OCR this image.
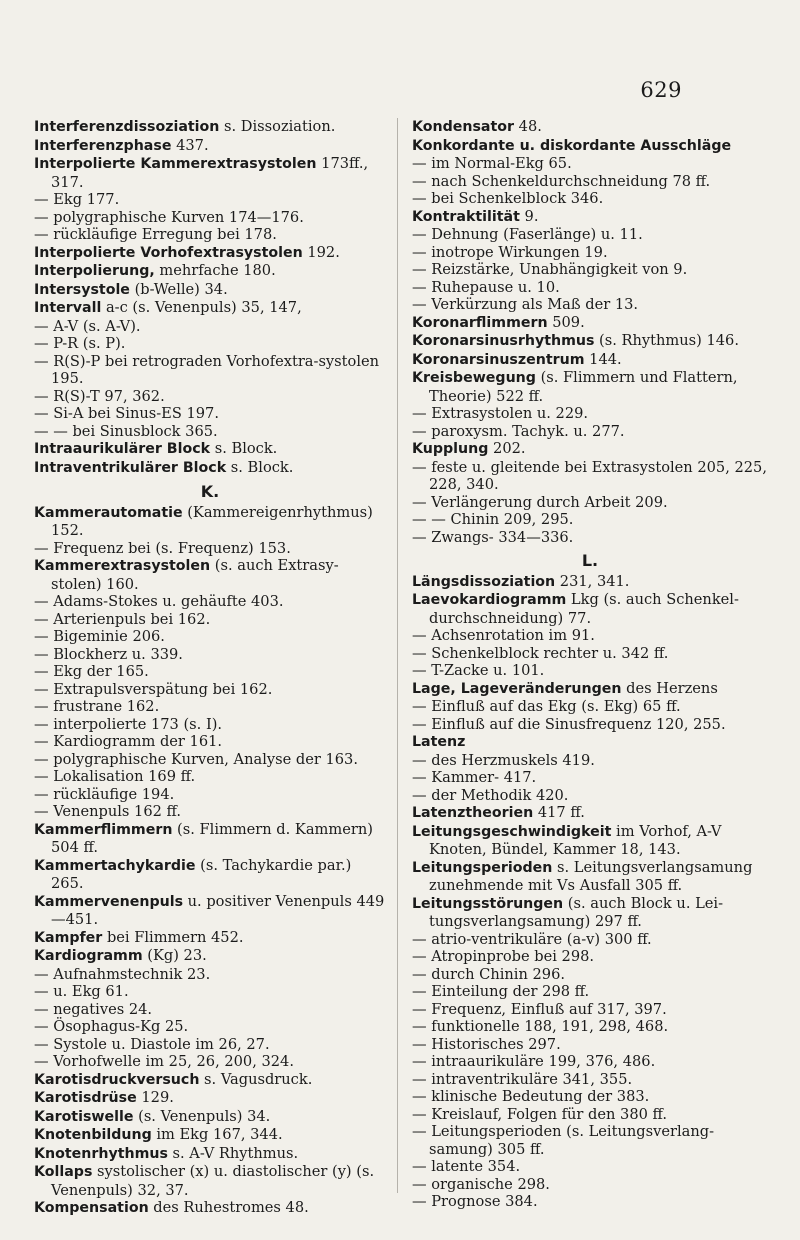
629

Interferenzdissoziation s. Dissoziation.

Interferenzphase 437.

Interpolierte Kammerextrasystolen 173ff., 317.

— Ekg 177.

— polygraphische Kurven 174—176.

— rückläufige Erregung bei 178.

Interpolierte Vorhofextrasystolen 192.

Interpolierung, mehrfache 180.

Intersystole (b-Welle) 34.

Intervall a-c (s. Venenpuls) 35, 147,

— A-V (s. A-V).

— P-R (s. P).

— R(S)-P bei retrograden Vorhofextra-systolen 195.

— R(S)-T 97, 362.

— Si-A bei Sinus-ES 197.

— — bei Sinusblock 365.

Intraaurikulärer Block s. Block.

Intraventrikulärer Block s. Block.

K.

Kammerautomatie (Kammereigenrhythmus) 152.

— Frequenz bei (s. Frequenz) 153.

Kammerextrasystolen (s. auch Extrasy-stolen) 160.

— Adams-Stokes u. gehäufte 403.

— Arterienpuls bei 162.

— Bigeminie 206.

— Blockherz u. 339.

— Ekg der 165.

— Extrapulsverspätung bei 162.

— frustrane 162.

— interpolierte 173 (s. I).

— Kardiogramm der 161.

— polygraphische Kurven, Analyse der 163.

— Lokalisation 169 ff.

— rückläufige 194.

— Venenpuls 162 ff.

Kammerflimmern (s. Flimmern d. Kammern) 504 ff.

Kammertachykardie (s. Tachykardie par.) 265.

Kammervenenpuls u. positiver Venenpuls 449—451.

Kampfer bei Flimmern 452.

Kardiogramm (Kg) 23.

— Aufnahmstechnik 23.

— u. Ekg 61.

— negatives 24.

— Ösophagus-Kg 25.

— Systole u. Diastole im 26, 27.

— Vorhofwelle im 25, 26, 200, 324.

Karotisdruckversuch s. Vagusdruck.

Karotisdrüse 129.

Karotiswelle (s. Venenpuls) 34.

Knotenbildung im Ekg 167, 344.

Knotenrhythmus s. A-V Rhythmus.

Kollaps systolischer (x) u. diastolischer (y) (s. Venenpuls) 32, 37.

Kompensation des Ruhestromes 48.

Kondensator 48.

Konkordante u. diskordante Ausschläge

— im Normal-Ekg 65.

— nach Schenkeldurchschneidung 78 ff.

— bei Schenkelblock 346.

Kontraktilität 9.

— Dehnung (Faserlänge) u. 11.

— inotrope Wirkungen 19.

— Reizstärke, Unabhängigkeit von 9.

— Ruhepause u. 10.

— Verkürzung als Maß der 13.

Koronarflimmern 509.

Koronarsinusrhythmus (s. Rhythmus) 146.

Koronarsinuszentrum 144.

Kreisbewegung (s. Flimmern und Flattern, Theorie) 522 ff.

— Extrasystolen u. 229.

— paroxysm. Tachyk. u. 277.

Kupplung 202.

— feste u. gleitende bei Extrasystolen 205, 225, 228, 340.

— Verlängerung durch Arbeit 209.

— — Chinin 209, 295.

— Zwangs- 334—336.

L.

Längsdissoziation 231, 341.

Laevokardiogramm Lkg (s. auch Schenkel-durchschneidung) 77.

— Achsenrotation im 91.

— Schenkelblock rechter u. 342 ff.

— T-Zacke u. 101.

Lage, Lageveränderungen des Herzens

— Einfluß auf das Ekg (s. Ekg) 65 ff.

— Einfluß auf die Sinusfrequenz 120, 255.

Latenz

— des Herzmuskels 419.

— Kammer- 417.

— der Methodik 420.

Latenztheorien 417 ff.

Leitungsgeschwindigkeit im Vorhof, A-V Knoten, Bündel, Kammer 18, 143.

Leitungsperioden s. Leitungsverlangsamung zunehmende mit Vs Ausfall 305 ff.

Leitungsstörungen (s. auch Block u. Lei-tungsverlangsamung) 297 ff.

— atrio-ventrikuläre (a-v) 300 ff.

— Atropinprobe bei 298.

— durch Chinin 296.

— Einteilung der 298 ff.

— Frequenz, Einfluß auf 317, 397.

— funktionelle 188, 191, 298, 468.

— Historisches 297.

— intraaurikuläre 199, 376, 486.

— intraventrikuläre 341, 355.

— klinische Bedeutung der 383.

— Kreislauf, Folgen für den 380 ff.

— Leitungsperioden (s. Leitungsverlang-samung) 305 ff.

— latente 354.

— organische 298.

— Prognose 384.
